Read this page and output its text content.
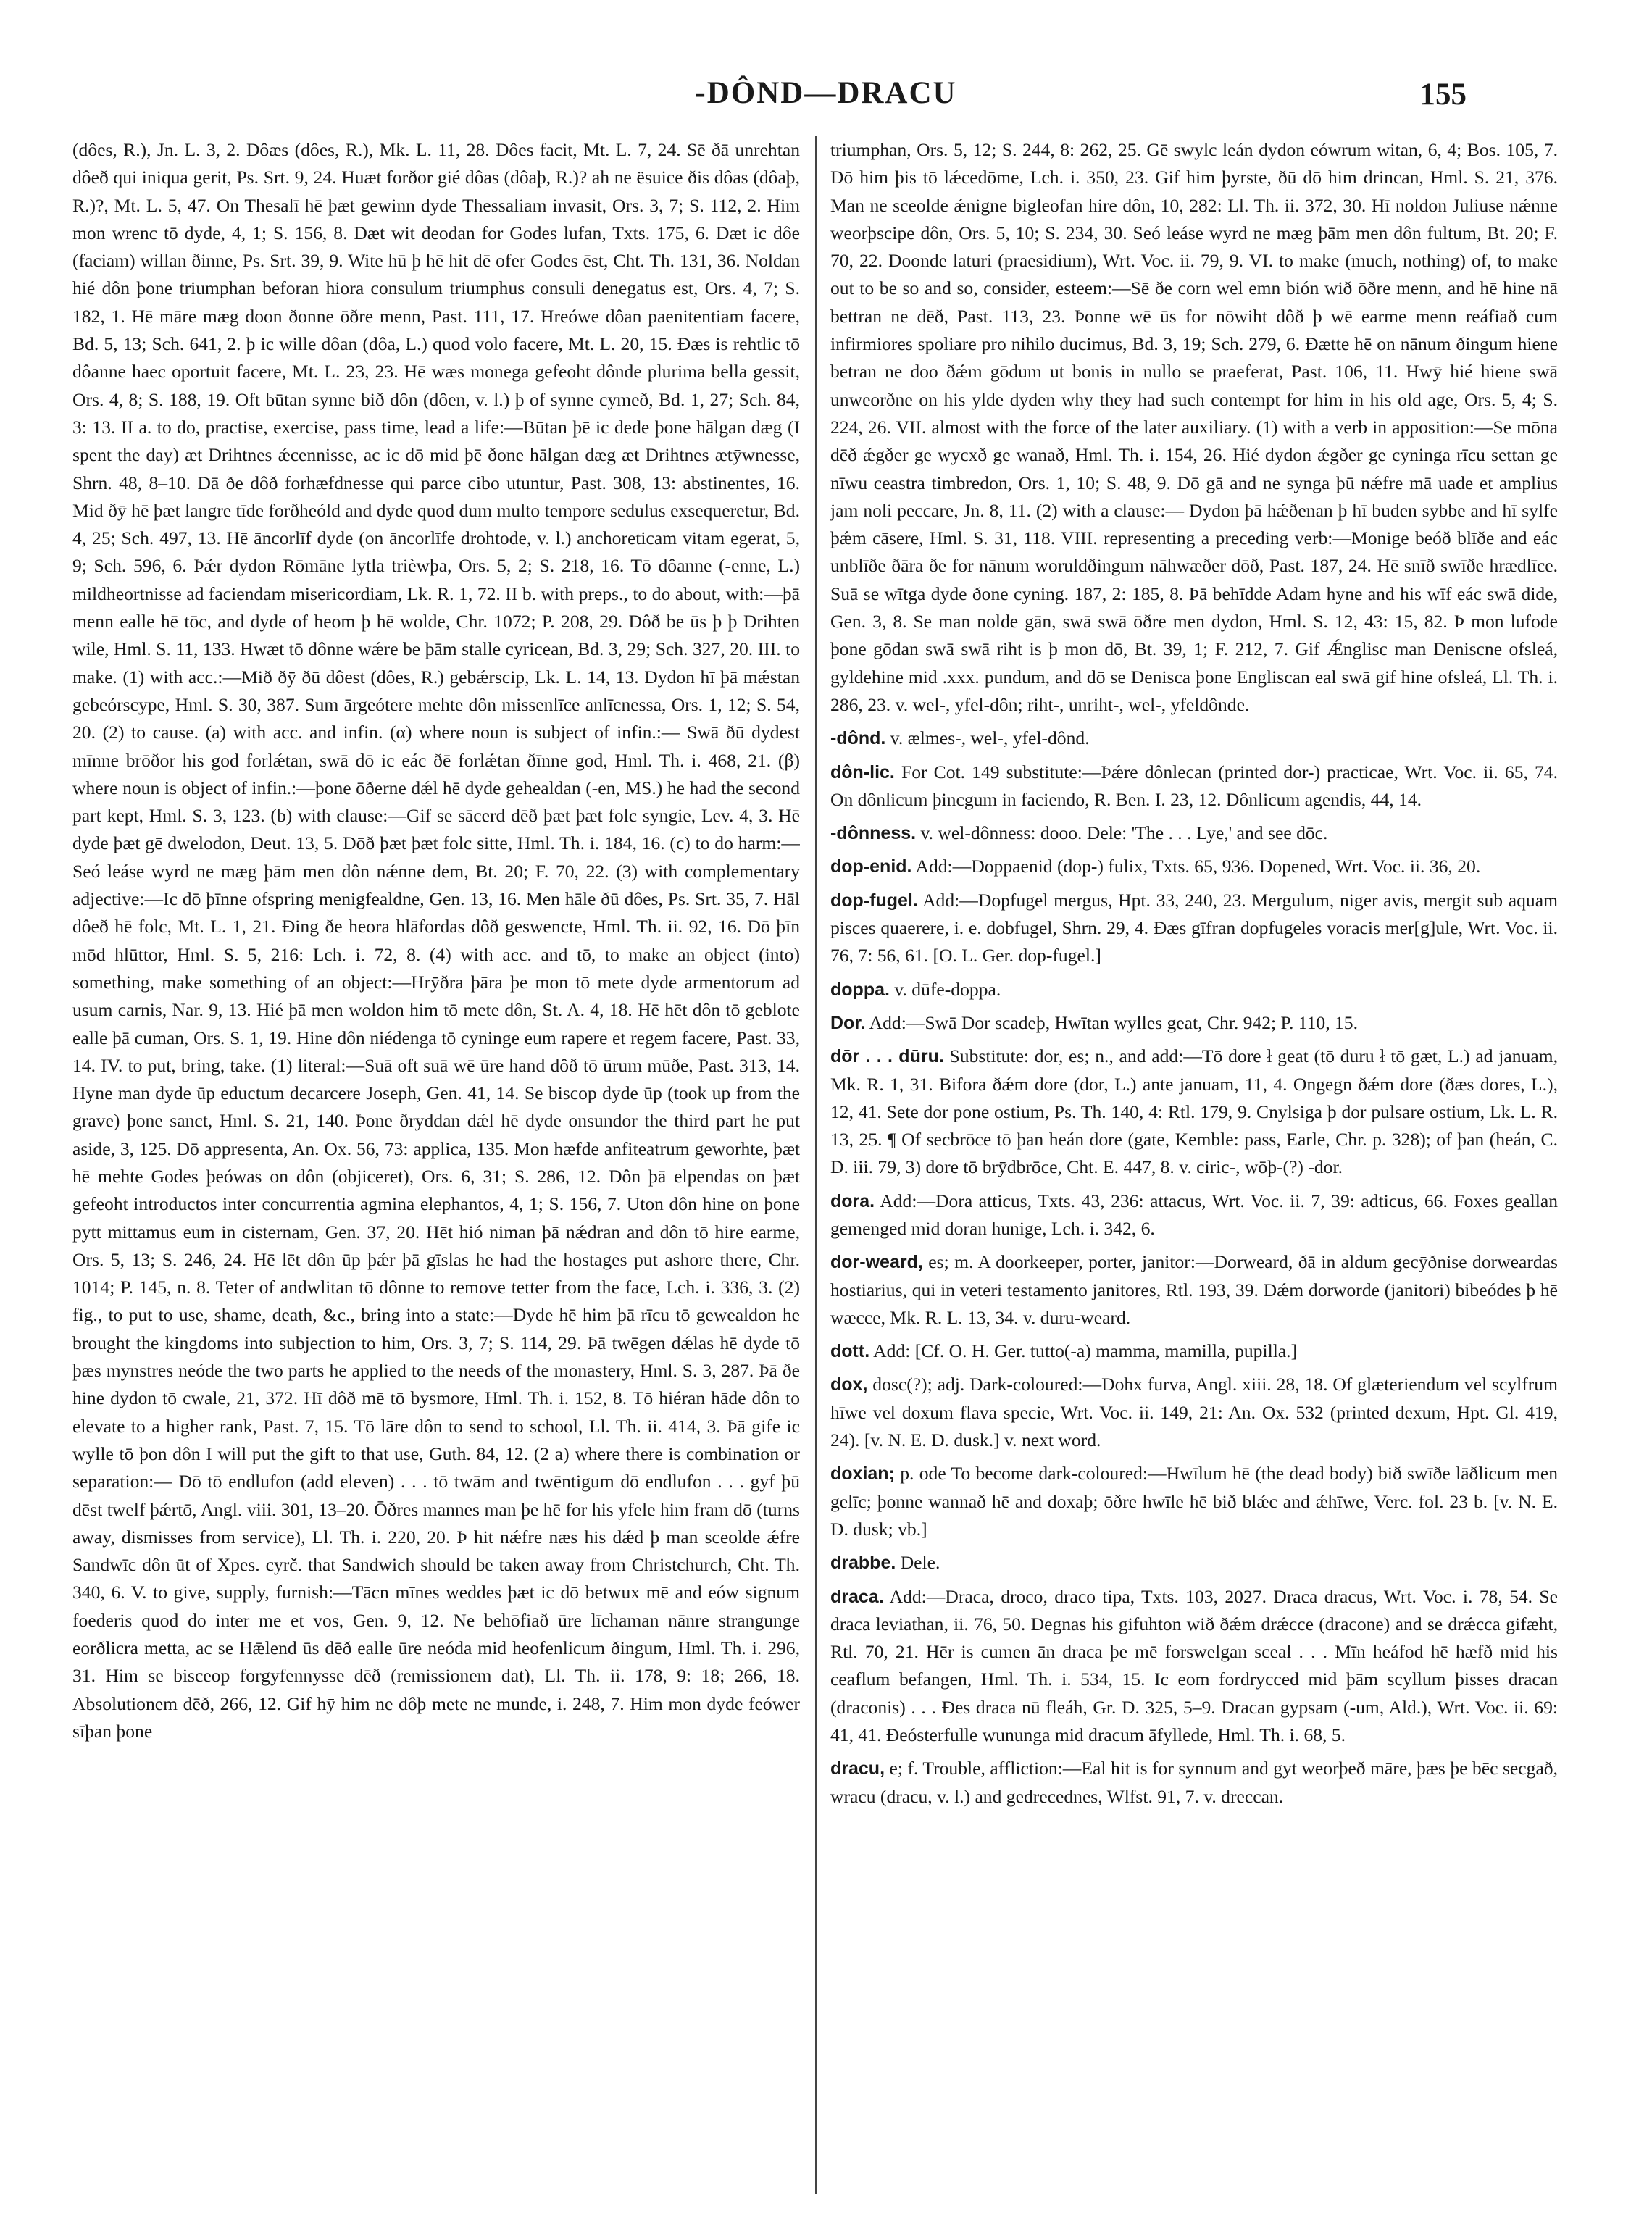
-DÔND—DRACU	155

(dôes, R.), Jn. L. 3, 2. Dôæs (dôes, R.), Mk. L. 11, 28. Dôes facit, Mt. L. 7, 24. Sē ðā unrehtan dôeð qui iniqua gerit, Ps. Srt. 9, 24. Huæt forðor gié dôas (dôaþ, R.)? ah ne ësuice ðis dôas (dôaþ, R.)?, Mt. L. 5, 47. On Thesalī hē þæt gewinn dyde Thessaliam invasit, Ors. 3, 7; S. 112, 2. Him mon wrenc tō dyde, 4, 1; S. 156, 8. Ðæt wit deodan for Godes lufan, Txts. 175, 6. Ðæt ic dôe (faciam) willan ðinne, Ps. Srt. 39, 9. Wite hū þ hē hit dē ofer Godes ēst, Cht. Th. 131, 36. Noldan hié dôn þone triumphan beforan hiora consulum triumphus consuli denegatus est, Ors. 4, 7; S. 182, 1. Hē māre mæg doon ðonne ōðre menn, Past. 111, 17. Hreówe dôan paenitentiam facere, Bd. 5, 13; Sch. 641, 2. þ ic wille dôan (dôa, L.) quod volo facere, Mt. L. 20, 15. Ðæs is rehtlic tō dôanne haec oportuit facere, Mt. L. 23, 23. Hē wæs monega gefeoht dônde plurima bella gessit, Ors. 4, 8; S. 188, 19. Oft būtan synne bið dôn (dôen, v. l.) þ of synne cymeð, Bd. 1, 27; Sch. 84, 3: 13. II a. to do, practise, exercise, pass time, lead a life:—Būtan þē ic dede þone hālgan dæg (I spent the day) æt Drihtnes ǽcennisse, ac ic dō mid þē ðone hālgan dæg æt Drihtnes ætȳwnesse, Shrn. 48, 8–10. Ðā ðe dôð forhæfdnesse qui parce cibo utuntur, Past. 308, 13: abstinentes, 16. Mid ðȳ hē þæt langre tīde forðheóld and dyde quod dum multo tempore sedulus exsequeretur, Bd. 4, 25; Sch. 497, 13. Hē āncorlīf dyde (on āncorlīfe drohtode, v. l.) anchoreticam vitam egerat, 5, 9; Sch. 596, 6. Þǽr dydon Rōmāne lytla trièwþa, Ors. 5, 2; S. 218, 16. Tō dôanne (-enne, L.) mildheortnisse ad faciendam misericordiam, Lk. R. 1, 72. II b. with preps., to do about, with:—þā menn ealle hē tōc, and dyde of heom þ hē wolde, Chr. 1072; P. 208, 29. Dôð be ūs þ þ Drihten wile, Hml. S. 11, 133. Hwæt tō dônne wǽre be þām stalle cyricean, Bd. 3, 29; Sch. 327, 20. III. to make. (1) with acc.:—Mið ðȳ ðū dôest (dôes, R.) gebǽrscip, Lk. L. 14, 13. Dydon hī þā mǽstan gebeórscype, Hml. S. 30, 387. Sum ārgeótere mehte dôn missenlīce anlīcnessa, Ors. 1, 12; S. 54, 20. (2) to cause. (a) with acc. and infin. (α) where noun is subject of infin.:— Swā ðū dydest mīnne brōðor his god forlǽtan, swā dō ic eác ðē forlǽtan ðīnne god, Hml. Th. i. 468, 21. (β) where noun is object of infin.:—þone ōðerne dǽl hē dyde gehealdan (-en, MS.) he had the second part kept, Hml. S. 3, 123. (b) with clause:—Gif se sācerd dēð þæt þæt folc syngie, Lev. 4, 3. Hē dyde þæt gē dwelodon, Deut. 13, 5. Dōð þæt þæt folc sitte, Hml. Th. i. 184, 16. (c) to do harm:—Seó leáse wyrd ne mæg þām men dôn nǽnne dem, Bt. 20; F. 70, 22. (3) with complementary adjective:—Ic dō þīnne ofspring menigfealdne, Gen. 13, 16. Men hāle ðū dôes, Ps. Srt. 35, 7. Hāl dôeð hē folc, Mt. L. 1, 21. Ðing ðe heora hlāfordas dôð geswencte, Hml. Th. ii. 92, 16. Dō þīn mōd hlūttor, Hml. S. 5, 216: Lch. i. 72, 8. (4) with acc. and tō, to make an object (into) something, make something of an object:—Hrȳðra þāra þe mon tō mete dyde armentorum ad usum carnis, Nar. 9, 13. Hié þā men woldon him tō mete dôn, St. A. 4, 18. Hē hēt dôn tō geblote ealle þā cuman, Ors. S. 1, 19. Hine dôn niédenga tō cyninge eum rapere et regem facere, Past. 33, 14. IV. to put, bring, take. (1) literal:—Suā oft suā wē ūre hand dôð tō ūrum mūðe, Past. 313, 14. Hyne man dyde ūp eductum decarcere Joseph, Gen. 41, 14. Se biscop dyde ūp (took up from the grave) þone sanct, Hml. S. 21, 140. Þone ðryddan dǽl hē dyde onsundor the third part he put aside, 3, 125. Dō appresenta, An. Ox. 56, 73: applica, 135. Mon hæfde anfiteatrum geworhte, þæt hē mehte Godes þeówas on dôn (objiceret), Ors. 6, 31; S. 286, 12. Dôn þā elpendas on þæt gefeoht introductos inter concurrentia agmina elephantos, 4, 1; S. 156, 7. Uton dôn hine on þone pytt mittamus eum in cisternam, Gen. 37, 20. Hēt hió niman þā nǽdran and dôn tō hire earme, Ors. 5, 13; S. 246, 24. Hē lēt dôn ūp þǽr þā gīslas he had the hostages put ashore there, Chr. 1014; P. 145, n. 8. Teter of andwlitan tō dônne to remove tetter from the face, Lch. i. 336, 3. (2) fig., to put to use, shame, death, &c., bring into a state:—Dyde hē him þā rīcu tō gewealdon he brought the kingdoms into subjection to him, Ors. 3, 7; S. 114, 29. Þā twēgen dǽlas hē dyde tō þæs mynstres neóde the two parts he applied to the needs of the monastery, Hml. S. 3, 287. Þā ðe hine dydon tō cwale, 21, 372. Hī dôð mē tō bysmore, Hml. Th. i. 152, 8. Tō hiéran hāde dôn to elevate to a higher rank, Past. 7, 15. Tō lāre dôn to send to school, Ll. Th. ii. 414, 3. Þā gife ic wylle tō þon dôn I will put the gift to that use, Guth. 84, 12. (2 a) where there is combination or separation:— Dō tō endlufon (add eleven) . . . tō twām and twēntigum dō endlufon . . . gyf þū dēst twelf þǽrtō, Angl. viii. 301, 13–20. Ōðres mannes man þe hē for his yfele him fram dō (turns away, dismisses from service), Ll. Th. i. 220, 20. Þ hit nǽfre næs his dǽd þ man sceolde ǽfre Sandwīc dôn ūt of Xpes. cyrč. that Sandwich should be taken away from Christchurch, Cht. Th. 340, 6. V. to give, supply, furnish:—Tācn mīnes weddes þæt ic dō betwux mē and eów signum foederis quod do inter me et vos, Gen. 9, 12. Ne behōfiað ūre līchaman nānre strangunge eorðlicra metta, ac se Hǣlend ūs dēð ealle ūre neóda mid heofenlicum ðingum, Hml. Th. i. 296, 31. Him se bisceop forgyfennysse dēð (remissionem dat), Ll. Th. ii. 178, 9: 18; 266, 18. Absolutionem dēð, 266, 12. Gif hȳ him ne dôþ mete ne munde, i. 248, 7. Him mon dyde feówer sīþan þone

triumphan, Ors. 5, 12; S. 244, 8: 262, 25. Gē swylc leán dydon eówrum witan, 6, 4; Bos. 105, 7. Dō him þis tō lǽcedōme, Lch. i. 350, 23. Gif him þyrste, ðū dō him drincan, Hml. S. 21, 376. Man ne sceolde ǽnigne bigleofan hire dôn, 10, 282: Ll. Th. ii. 372, 30. Hī noldon Juliuse nǽnne weorþscipe dôn, Ors. 5, 10; S. 234, 30. Seó leáse wyrd ne mæg þām men dôn fultum, Bt. 20; F. 70, 22. Doonde laturi (praesidium), Wrt. Voc. ii. 79, 9. VI. to make (much, nothing) of, to make out to be so and so, consider, esteem:—Sē ðe corn wel emn bión wið ōðre menn, and hē hine nā bettran ne dēð, Past. 113, 23. Þonne wē ūs for nōwiht dôð þ wē earme menn reáfiað cum infirmiores spoliare pro nihilo ducimus, Bd. 3, 19; Sch. 279, 6. Ðætte hē on nānum ðingum hiene betran ne doo ðǽm gōdum ut bonis in nullo se praeferat, Past. 106, 11. Hwȳ hié hiene swā unweorðne on his ylde dyden why they had such contempt for him in his old age, Ors. 5, 4; S. 224, 26. VII. almost with the force of the later auxiliary. (1) with a verb in apposition:—Se mōna dēð ǽgðer ge wycxð ge wanað, Hml. Th. i. 154, 26. Hié dydon ǽgðer ge cyninga rīcu settan ge nīwu ceastra timbredon, Ors. 1, 10; S. 48, 9. Dō gā and ne synga þū nǽfre mā uade et amplius jam noli peccare, Jn. 8, 11. (2) with a clause:— Dydon þā hǽðenan þ hī buden sybbe and hī sylfe þǽm cāsere, Hml. S. 31, 118. VIII. representing a preceding verb:—Monige beóð blīðe and eác unblīðe ðāra ðe for nānum woruldðingum nāhwæðer dōð, Past. 187, 24. Hē snīð swīðe hrædlīce. Suā se wītga dyde ðone cyning. 187, 2: 185, 8. Þā behīdde Adam hyne and his wīf eác swā dide, Gen. 3, 8. Se man nolde gān, swā swā ōðre men dydon, Hml. S. 12, 43: 15, 82. Þ mon lufode þone gōdan swā swā riht is þ mon dō, Bt. 39, 1; F. 212, 7. Gif Ǽnglisc man Deniscne ofsleá, gyldehine mid .xxx. pundum, and dō se Denisca þone Engliscan eal swā gif hine ofsleá, Ll. Th. i. 286, 23. v. wel-, yfel-dôn; riht-, unriht-, wel-, yfeldônde.

-dônd. v. ælmes-, wel-, yfel-dônd.

dôn-lic. For Cot. 149 substitute:—Þǽre dônlecan (printed dor-) practicae, Wrt. Voc. ii. 65, 74. On dônlicum þincgum in faciendo, R. Ben. I. 23, 12. Dônlicum agendis, 44, 14.

-dônness. v. wel-dônness: dooo. Dele: 'The . . . Lye,' and see dōc.

dop-enid. Add:—Doppaenid (dop-) fulix, Txts. 65, 936. Dopened, Wrt. Voc. ii. 36, 20.

dop-fugel. Add:—Dopfugel mergus, Hpt. 33, 240, 23. Mergulum, niger avis, mergit sub aquam pisces quaerere, i. e. dobfugel, Shrn. 29, 4. Ðæs gīfran dopfugeles voracis mer[g]ule, Wrt. Voc. ii. 76, 7: 56, 61. [O. L. Ger. dop-fugel.]

doppa. v. dūfe-doppa.

Dor. Add:—Swā Dor scadeþ, Hwītan wylles geat, Chr. 942; P. 110, 15.

dōr . . . dūru. Substitute: dor, es; n., and add:—Tō dore ł geat (tō duru ł tō gæt, L.) ad januam, Mk. R. 1, 31. Bifora ðǽm dore (dor, L.) ante januam, 11, 4. Ongegn ðǽm dore (ðæs dores, L.), 12, 41. Sete dor pone ostium, Ps. Th. 140, 4: Rtl. 179, 9. Cnylsiga þ dor pulsare ostium, Lk. L. R. 13, 25. ¶ Of secbrōce tō þan heán dore (gate, Kemble: pass, Earle, Chr. p. 328); of þan (heán, C. D. iii. 79, 3) dore tō brȳdbrōce, Cht. E. 447, 8. v. ciric-, wōþ-(?) -dor.

dora. Add:—Dora atticus, Txts. 43, 236: attacus, Wrt. Voc. ii. 7, 39: adticus, 66. Foxes geallan gemenged mid doran hunige, Lch. i. 342, 6.

dor-weard, es; m. A doorkeeper, porter, janitor:—Dorweard, ðā in aldum gecȳðnise dorweardas hostiarius, qui in veteri testamento janitores, Rtl. 193, 39. Ðǽm dorworde (janitori) bibeódes þ hē wæcce, Mk. R. L. 13, 34. v. duru-weard.

dott. Add: [Cf. O. H. Ger. tutto(-a) mamma, mamilla, pupilla.]

dox, dosc(?); adj. Dark-coloured:—Dohx furva, Angl. xiii. 28, 18. Of glæteriendum vel scylfrum hīwe vel doxum flava specie, Wrt. Voc. ii. 149, 21: An. Ox. 532 (printed dexum, Hpt. Gl. 419, 24). [v. N. E. D. dusk.] v. next word.

doxian; p. ode To become dark-coloured:—Hwīlum hē (the dead body) bið swīðe lāðlicum men gelīc; þonne wannað hē and doxaþ; ōðre hwīle hē bið blǽc and ǽhīwe, Verc. fol. 23 b. [v. N. E. D. dusk; vb.]

drabbe. Dele.

draca. Add:—Draca, droco, draco tipa, Txts. 103, 2027. Draca dracus, Wrt. Voc. i. 78, 54. Se draca leviathan, ii. 76, 50. Ðegnas his gifuhton wið ðǽm drǽcce (dracone) and se drǽcca gifæht, Rtl. 70, 21. Hēr is cumen ān draca þe mē forswelgan sceal . . . Mīn heáfod hē hæfð mid his ceaflum befangen, Hml. Th. i. 534, 15. Ic eom fordrycced mid þām scyllum þisses dracan (draconis) . . . Ðes draca nū fleáh, Gr. D. 325, 5–9. Dracan gypsam (-um, Ald.), Wrt. Voc. ii. 69: 41, 41. Ðeósterfulle wununga mid dracum āfyllede, Hml. Th. i. 68, 5.

dracu, e; f. Trouble, affliction:—Eal hit is for synnum and gyt weorþeð māre, þæs þe bēc secgað, wracu (dracu, v. l.) and gedrecednes, Wlfst. 91, 7. v. dreccan.
